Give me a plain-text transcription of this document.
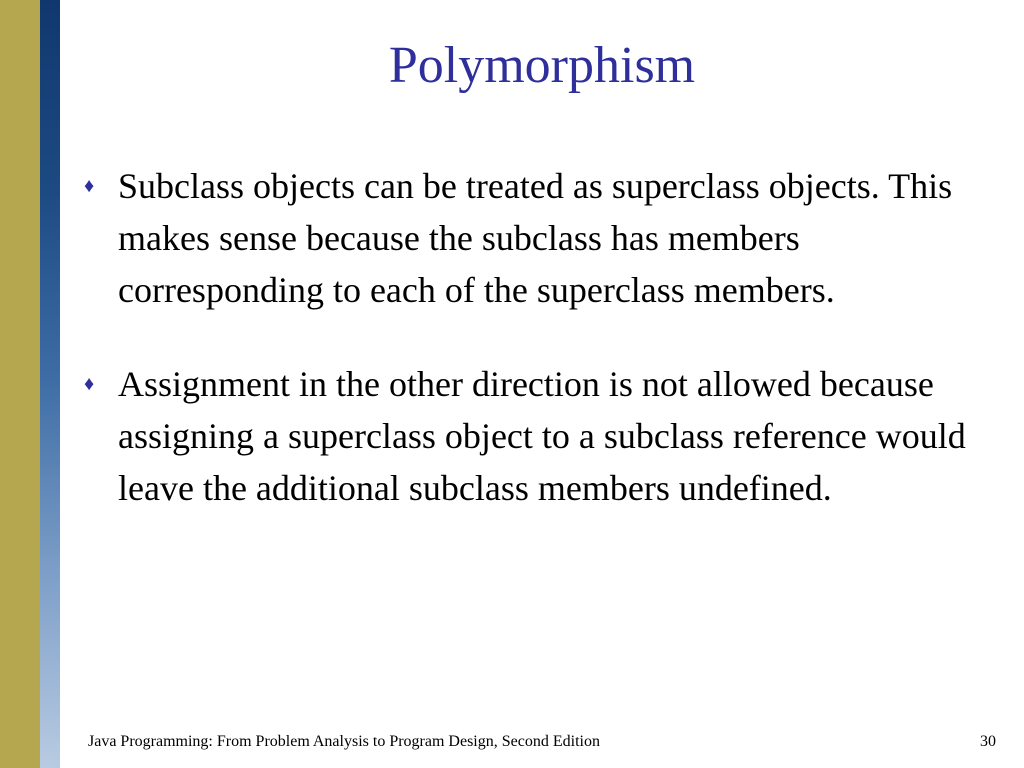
Polymorphism
♦ Subclass objects can be treated as superclass objects. This makes sense because the subclass has members corresponding to each of the superclass members.
♦ Assignment in the other direction is not allowed because assigning a superclass object to a subclass reference would leave the additional subclass members undefined.
Java Programming: From Problem Analysis to Program Design, Second Edition	30
